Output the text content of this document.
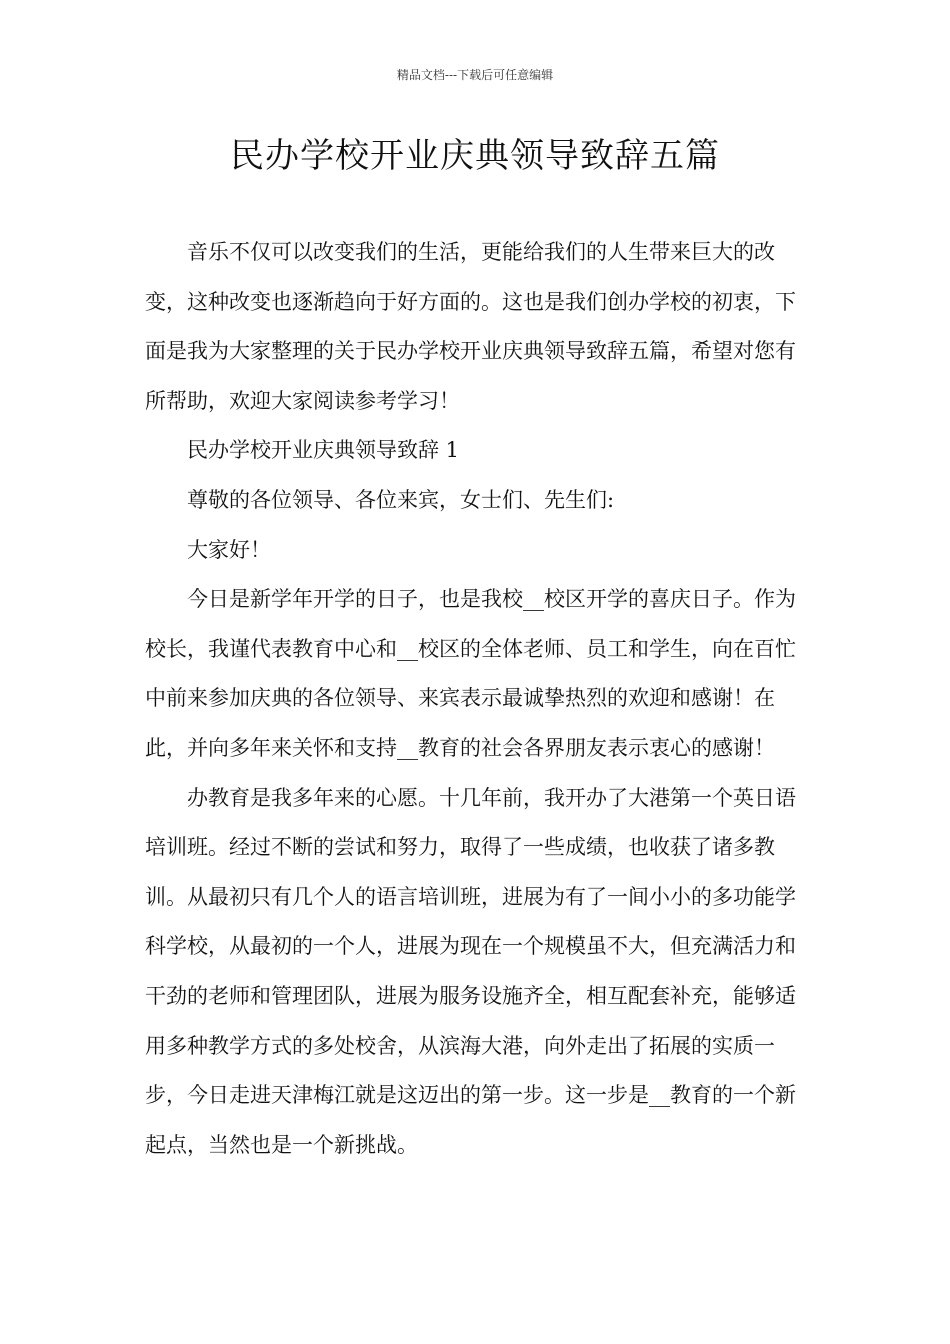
精品文档---下载后可任意编辑
民办学校开业庆典领导致辞五篇

音乐不仅可以改变我们的生活，更能给我们的人生带来巨大的改变，这种改变也逐渐趋向于好方面的。这也是我们创办学校的初衷，下面是我为大家整理的关于民办学校开业庆典领导致辞五篇，希望对您有所帮助，欢迎大家阅读参考学习！

民办学校开业庆典领导致辞 1

尊敬的各位领导、各位来宾，女士们、先生们:

大家好！

今日是新学年开学的日子，也是我校__校区开学的喜庆日子。作为校长，我谨代表教育中心和__校区的全体老师、员工和学生，向在百忙中前来参加庆典的各位领导、来宾表示最诚挚热烈的欢迎和感谢！在此，并向多年来关怀和支持__教育的社会各界朋友表示衷心的感谢！

办教育是我多年来的心愿。十几年前，我开办了大港第一个英日语培训班。经过不断的尝试和努力，取得了一些成绩，也收获了诸多教训。从最初只有几个人的语言培训班，进展为有了一间小小的多功能学科学校，从最初的一个人，进展为现在一个规模虽不大，但充满活力和干劲的老师和管理团队，进展为服务设施齐全，相互配套补充，能够适用多种教学方式的多处校舍，从滨海大港，向外走出了拓展的实质一步，今日走进天津梅江就是这迈出的第一步。这一步是__教育的一个新起点，当然也是一个新挑战。
